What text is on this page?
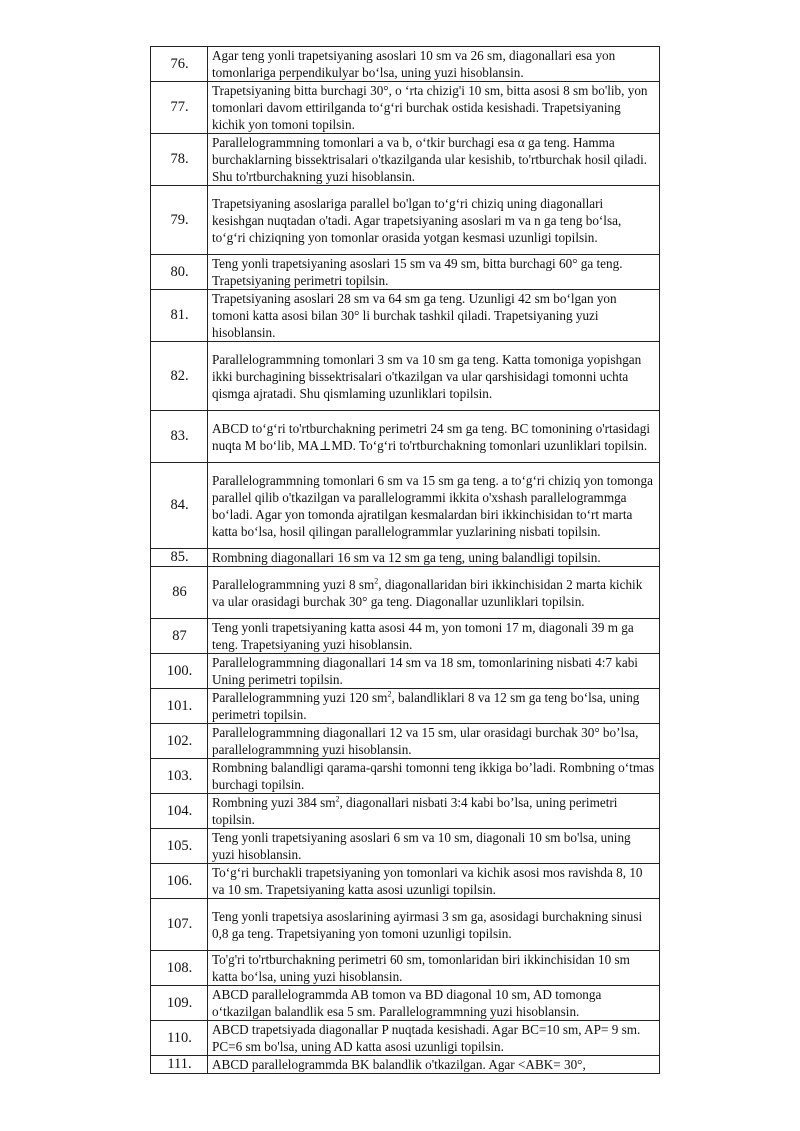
76.	Agar teng yonli trapetsiyaning asoslari 10 sm va 26 sm, diagonallari esa yon tomonlariga perpendikulyar bo‘lsa, uning yuzi hisoblansin.
77.	Trapetsiyaning bitta burchagi 30°, o ‘rta chizig'i 10 sm, bitta asosi 8 sm bo'lib, yon tomonlari davom ettirilganda to‘g‘ri burchak ostida kesishadi. Trapetsiyaning kichik yon tomoni topilsin.
78.	Parallelogrammning tomonlari a va b, o‘tkir burchagi esa α ga teng. Hamma burchaklarning bissektrisalari o'tkazilganda ular kesishib, to'rtburchak hosil qiladi. Shu to'rtburchakning yuzi hisoblansin.
79.	Trapetsiyaning asoslariga parallel bo'lgan to‘g‘ri chiziq uning diagonallari kesishgan nuqtadan o'tadi. Agar trapetsiyaning asoslari m va n ga teng bo‘lsa, to‘g‘ri chiziqning yon tomonlar orasida yotgan kesmasi uzunligi topilsin.
80.	Teng yonli trapetsiyaning asoslari 15 sm va 49 sm, bitta burchagi 60° ga teng. Trapetsiyaning perimetri topilsin.
81.	Trapetsiyaning asoslari 28 sm va 64 sm ga teng. Uzunligi 42 sm bo‘lgan yon tomoni katta asosi bilan 30° li burchak tashkil qiladi. Trapetsiyaning yuzi hisoblansin.
82.	Parallelogrammning tomonlari 3 sm va 10 sm ga teng. Katta tomoniga yopishgan ikki burchagining bissektrisalari o'tkazilgan va ular qarshisidagi tomonni uchta qismga ajratadi. Shu qismlaming uzunliklari topilsin.
83.	ABCD to‘g‘ri to'rtburchakning perimetri 24 sm ga teng. BC tomonining o'rtasidagi nuqta M bo‘lib, MA⊥MD. To‘g‘ri to'rtburchakning tomonlari uzunliklari topilsin.
84.	Parallelogrammning tomonlari 6 sm va 15 sm ga teng. a to‘g‘ri chiziq yon tomonga parallel qilib o'tkazilgan va parallelogrammi ikkita o'xshash parallelogrammga bo‘ladi. Agar yon tomonda ajratilgan kesmalardan biri ikkinchisidan to‘rt marta katta bo‘lsa, hosil qilingan parallelogrammlar yuzlarining nisbati topilsin.
85.	Rombning diagonallari 16 sm va 12 sm ga teng, uning balandligi topilsin.
86	Parallelogrammning yuzi 8 $sm^2$, diagonallaridan biri ikkinchisidan 2 marta kichik va ular orasidagi burchak 30° ga teng. Diagonallar uzunliklari topilsin.
87	Teng yonli trapetsiyaning katta asosi 44 m, yon tomoni 17 m, diagonali 39 m ga teng. Trapetsiyaning yuzi hisoblansin.
100.	Parallelogrammning diagonallari 14 sm va 18 sm, tomonlarining nisbati 4:7 kabi Uning perimetri topilsin.
101.	Parallelogrammning yuzi 120 $sm^2$, balandliklari 8 va 12 sm ga teng bo‘lsa, uning perimetri topilsin.
102.	Parallelogrammning diagonallari 12 va 15 sm, ular orasidagi burchak 30° bo’lsa, parallelogrammning yuzi hisoblansin.
103.	Rombning balandligi qarama-qarshi tomonni teng ikkiga bo’ladi. Rombning o‘tmas burchagi topilsin.
104.	Rombning yuzi 384 $sm^2$, diagonallari nisbati 3:4 kabi bo’lsa, uning perimetri topilsin.
105.	Teng yonli trapetsiyaning asoslari 6 sm va 10 sm, diagonali 10 sm bo'lsa, uning yuzi hisoblansin.
106.	To‘g‘ri burchakli trapetsiyaning yon tomonlari va kichik asosi mos ravishda 8, 10 va 10 sm. Trapetsiyaning katta asosi uzunligi topilsin.
107.	Teng yonli trapetsiya asoslarining ayirmasi 3 sm ga, asosidagi burchakning sinusi 0,8 ga teng. Trapetsiyaning yon tomoni uzunligi topilsin.
108.	To'g'ri to'rtburchakning perimetri 60 sm, tomonlaridan biri ikkinchisidan 10 sm katta bo‘lsa, uning yuzi hisoblansin.
109.	ABCD parallelogrammda AB tomon va BD diagonal 10 sm, AD tomonga o‘tkazilgan balandlik esa 5 sm. Parallelogrammning yuzi hisoblansin.
110.	ABCD trapetsiyada diagonallar P nuqtada kesishadi. Agar BC=10 sm, AP= 9 sm. PC=6 sm bo'lsa, uning AD katta asosi uzunligi topilsin.
111.	ABCD parallelogrammda BK balandlik o'tkazilgan. Agar <ABK= 30°,
